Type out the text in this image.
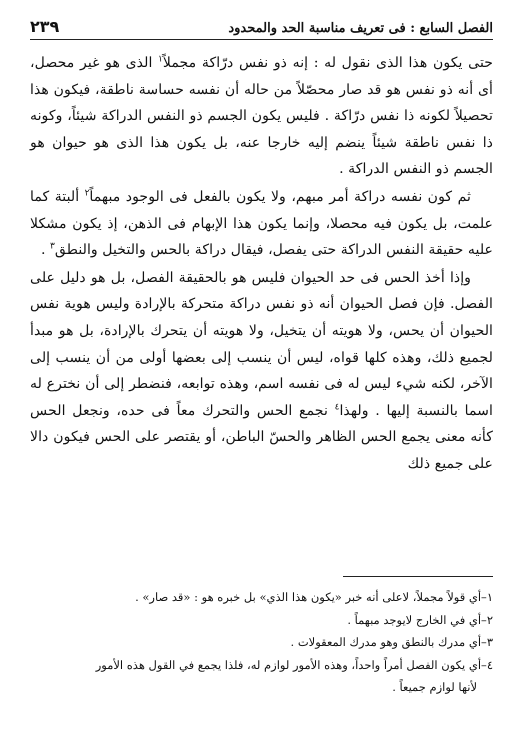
الفصل السابع : فى تعريف مناسبة الحد والمحدود
٢٣٩

حتى يكون هذا الذى نقول له : إنه ذو نفس درّاكة مجملاً$^١$ الذى هو غير محصل، أى أنه ذو نفس هو قد صار محصّلاً من حاله أن نفسه حساسة ناطقة، فيكون هذا تحصيلاً لكونه ذا نفس درّاكة . فليس يكون الجسم ذو النفس الدراكة شيئاً، وكونه ذا نفس ناطقة شيئاً ينضم إليه خارجا عنه، بل يكون هذا الذى هو حيوان هو الجسم ذو النفس الدراكة .

ثم كون نفسه دراكة أمر مبهم، ولا يكون بالفعل فى الوجود مبهماً$^٢$ ألبتة كما علمت، بل يكون فيه محصلا، وإنما يكون هذا الإبهام فى الذهن، إذ يكون مشكلا عليه حقيقة النفس الدراكة حتى يفصل، فيقال دراكة بالحس والتخيل والنطق$^٣$ .

وإذا أخذ الحس فى حد الحيوان فليس هو بالحقيقة الفصل، بل هو دليل على الفصل. فإن فصل الحيوان أنه ذو نفس دراكة متحركة بالإرادة وليس هوية نفس الحيوان أن يحس، ولا هويته أن يتخيل، ولا هويته أن يتحرك بالإرادة، بل هو مبدأ لجميع ذلك، وهذه كلها قواه، ليس أن ينسب إلى بعضها أولى من أن ينسب إلى الآخر، لكنه شيء ليس له فى نفسه اسم، وهذه توابعه، فنضطر إلى أن نخترع له اسما بالنسبة إليها . ولهذا$^٤$ نجمع الحس والتحرك معاً فى حده، ونجعل الحس كأنه معنى يجمع الحس الظاهر والحسّ الباطن، أو يقتصر على الحس فيكون دالا على جميع ذلك

١–أي قولاً مجملاً، لاعلى أنه خبر «يكون هذا الذي» بل خبره هو : «قد صار» .

٢–أي في الخارج لايوجد مبهماً .

٣–أي مدرك بالنطق وهو مدرك المعقولات .

٤–أي يكون الفصل أمراً واحداً، وهذه الأمور لوازم له، فلذا يجمع في القول هذه الأمور

لأنها لوازم جميعاً .
